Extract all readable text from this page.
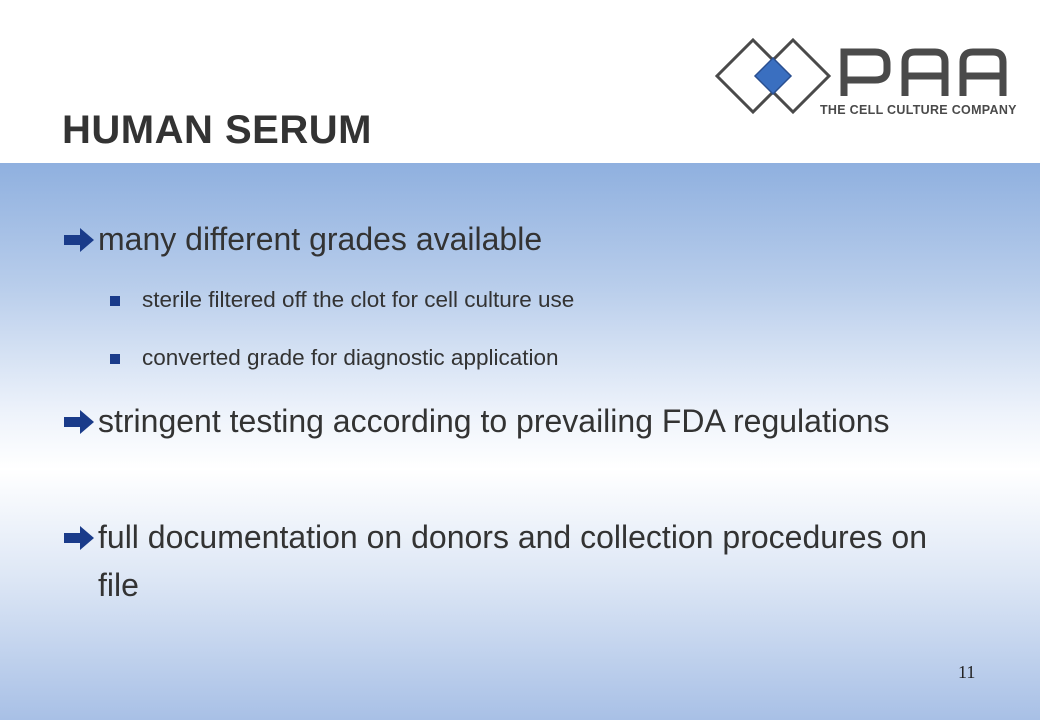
THE CELL CULTURE COMPANY
HUMAN SERUM
many different grades available
sterile filtered off the clot for cell culture use
converted grade for diagnostic application
stringent testing according to prevailing FDA regulations
full documentation on donors and collection procedures on file
11
